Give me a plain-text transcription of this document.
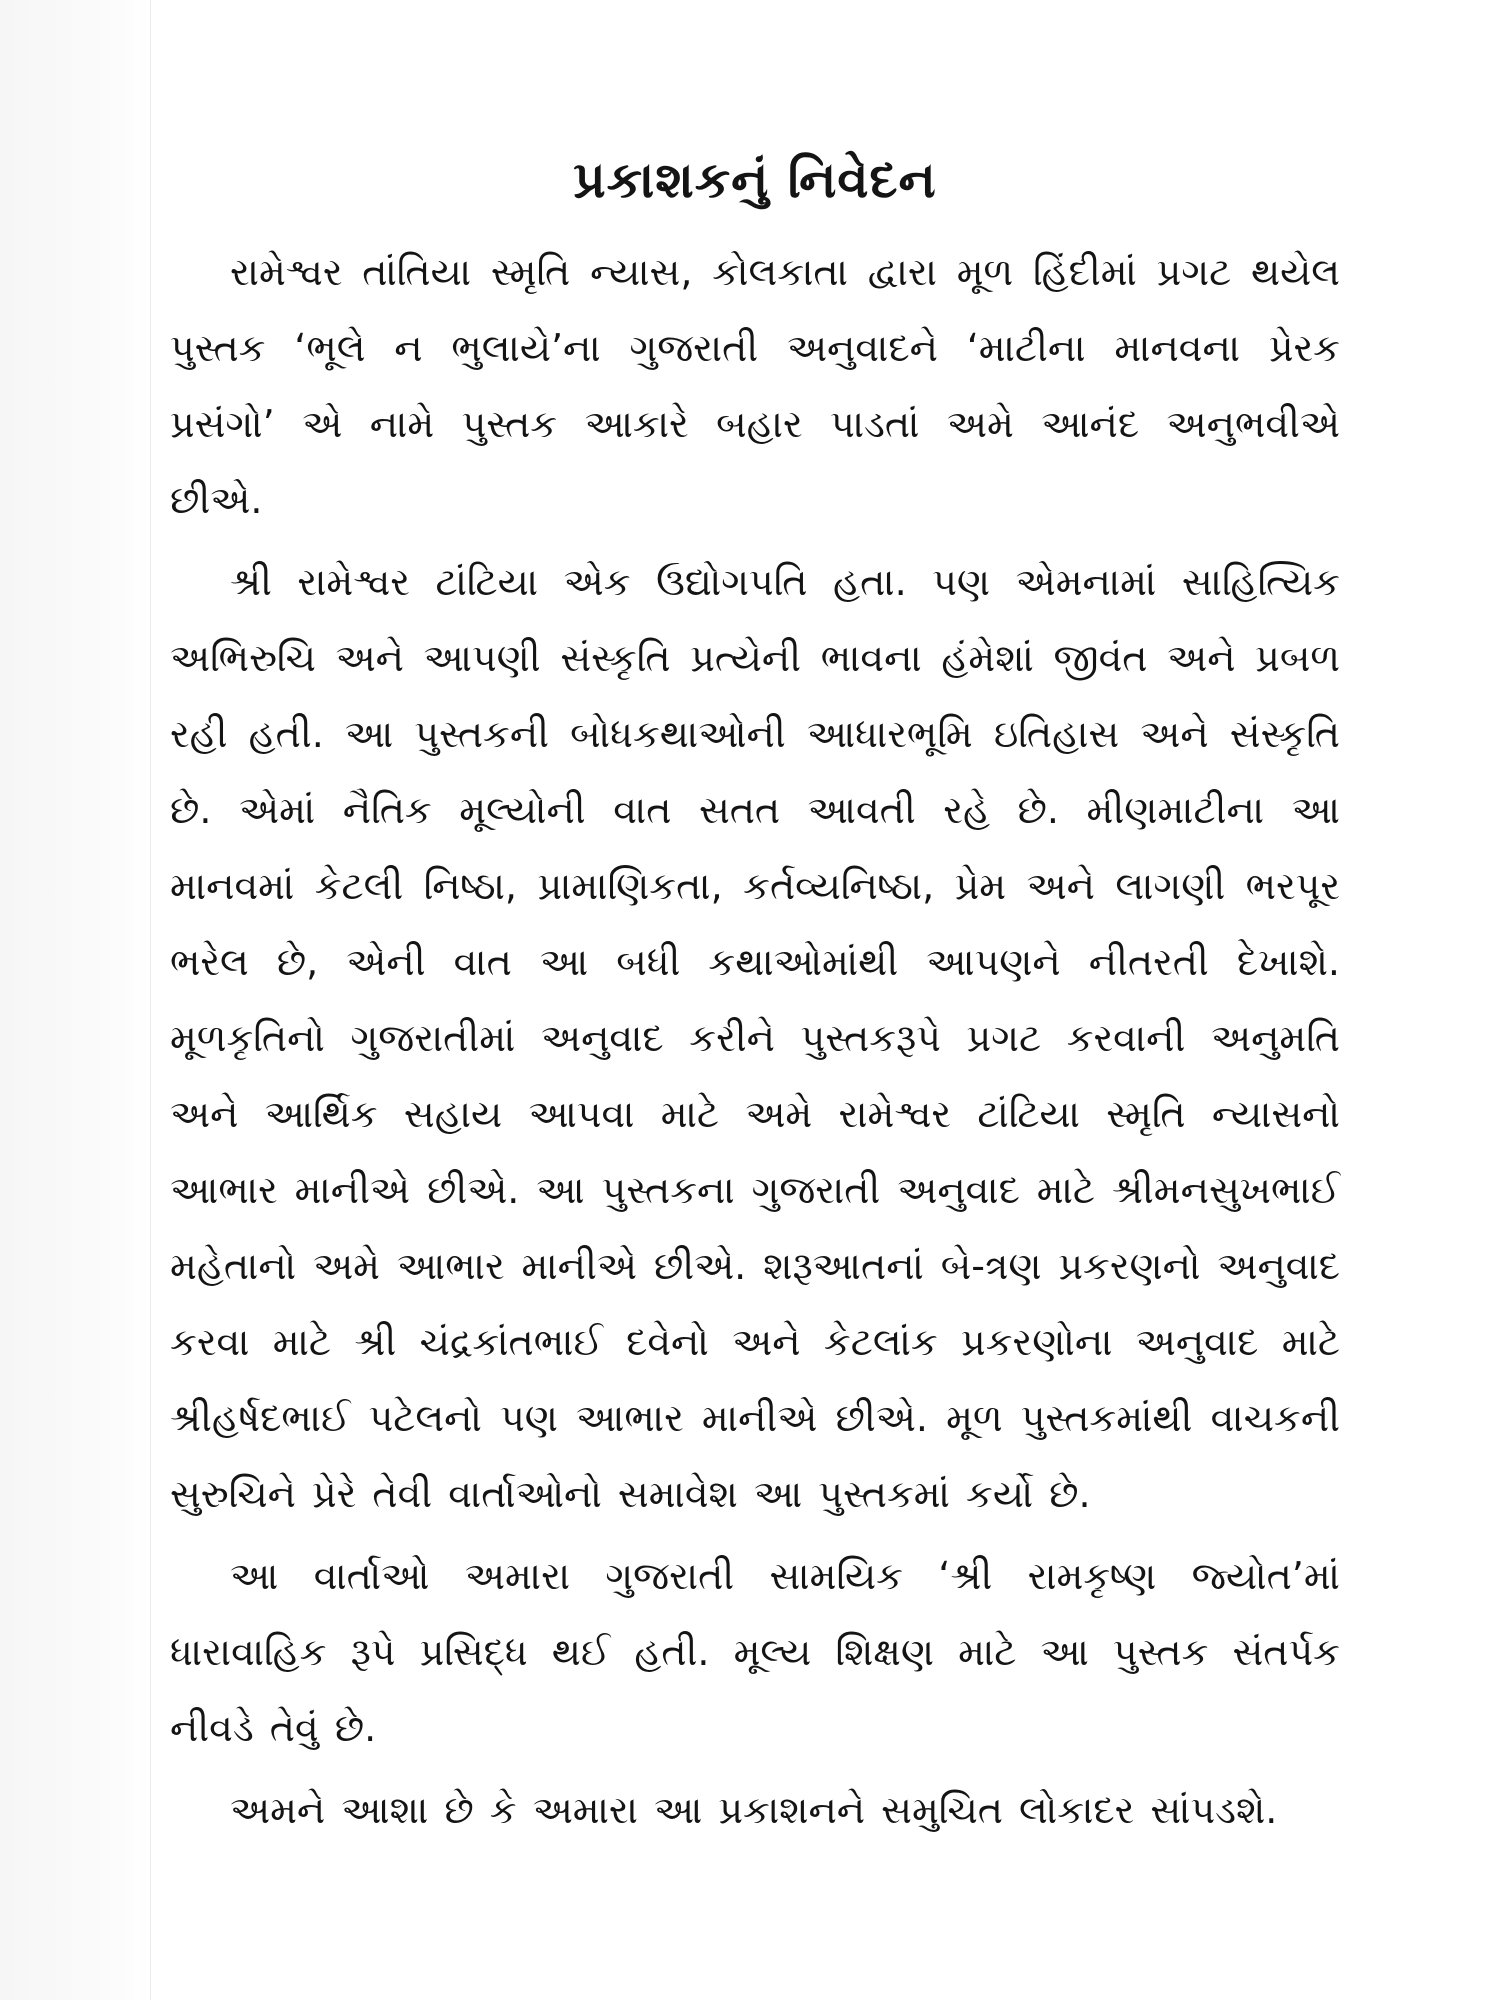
પ્રકાશકનું નિવેદન

રામેશ્વર તાંતિયા સ્મૃતિ ન્યાસ, કોલકાતા દ્વારા મૂળ હિંદીમાં પ્રગટ થયેલ પુસ્તક ‘ભૂલે ન ભુલાયે’ના ગુજરાતી અનુવાદને ‘માટીના માનવના પ્રેરક પ્રસંગો’ એ નામે પુસ્તક આકારે બહાર પાડતાં અમે આનંદ અનુભવીએ છીએ.

શ્રી રામેશ્વર ટાંટિયા એક ઉદ્યોગપતિ હતા. પણ એમનામાં સાહિત્યિક અભિરુચિ અને આપણી સંસ્કૃતિ પ્રત્યેની ભાવના હંમેશાં જીવંત અને પ્રબળ રહી હતી. આ પુસ્તકની બોધકથાઓની આધારભૂમિ ઇતિહાસ અને સંસ્કૃતિ છે. એમાં નૈતિક મૂલ્યોની વાત સતત આવતી રહે છે. મીણમાટીના આ માનવમાં કેટલી નિષ્ઠા, પ્રામાણિકતા, કર્તવ્યનિષ્ઠા, પ્રેમ અને લાગણી ભરપૂર ભરેલ છે, એની વાત આ બધી કથાઓમાંથી આપણને નીતરતી દેખાશે. મૂળકૃતિનો ગુજરાતીમાં અનુવાદ કરીને પુસ્તકરૂપે પ્રગટ કરવાની અનુમતિ અને આર્થિક સહાય આપવા માટે અમે રામેશ્વર ટાંટિયા સ્મૃતિ ન્યાસનો આભાર માનીએ છીએ. આ પુસ્તકના ગુજરાતી અનુવાદ માટે શ્રીમનસુખભાઈ મહેતાનો અમે આભાર માનીએ છીએ. શરૂઆતનાં બે-ત્રણ પ્રકરણનો અનુવાદ કરવા માટે શ્રી ચંદ્રકાંતભાઈ દવેનો અને કેટલાંક પ્રકરણોના અનુવાદ માટે શ્રીહર્ષદભાઈ પટેલનો પણ આભાર માનીએ છીએ. મૂળ પુસ્તકમાંથી વાચકની સુરુચિને પ્રેરે તેવી વાર્તાઓનો સમાવેશ આ પુસ્તકમાં કર્યો છે.

આ વાર્તાઓ અમારા ગુજરાતી સામયિક ‘શ્રી રામકૃષ્ણ જ્યોત’માં ધારાવાહિક રૂપે પ્રસિદ્ધ થઈ હતી. મૂલ્ય શિક્ષણ માટે આ પુસ્તક સંતર્પક નીવડે તેવું છે.

અમને આશા છે કે અમારા આ પ્રકાશનને સમુચિત લોકાદર સાંપડશે.
